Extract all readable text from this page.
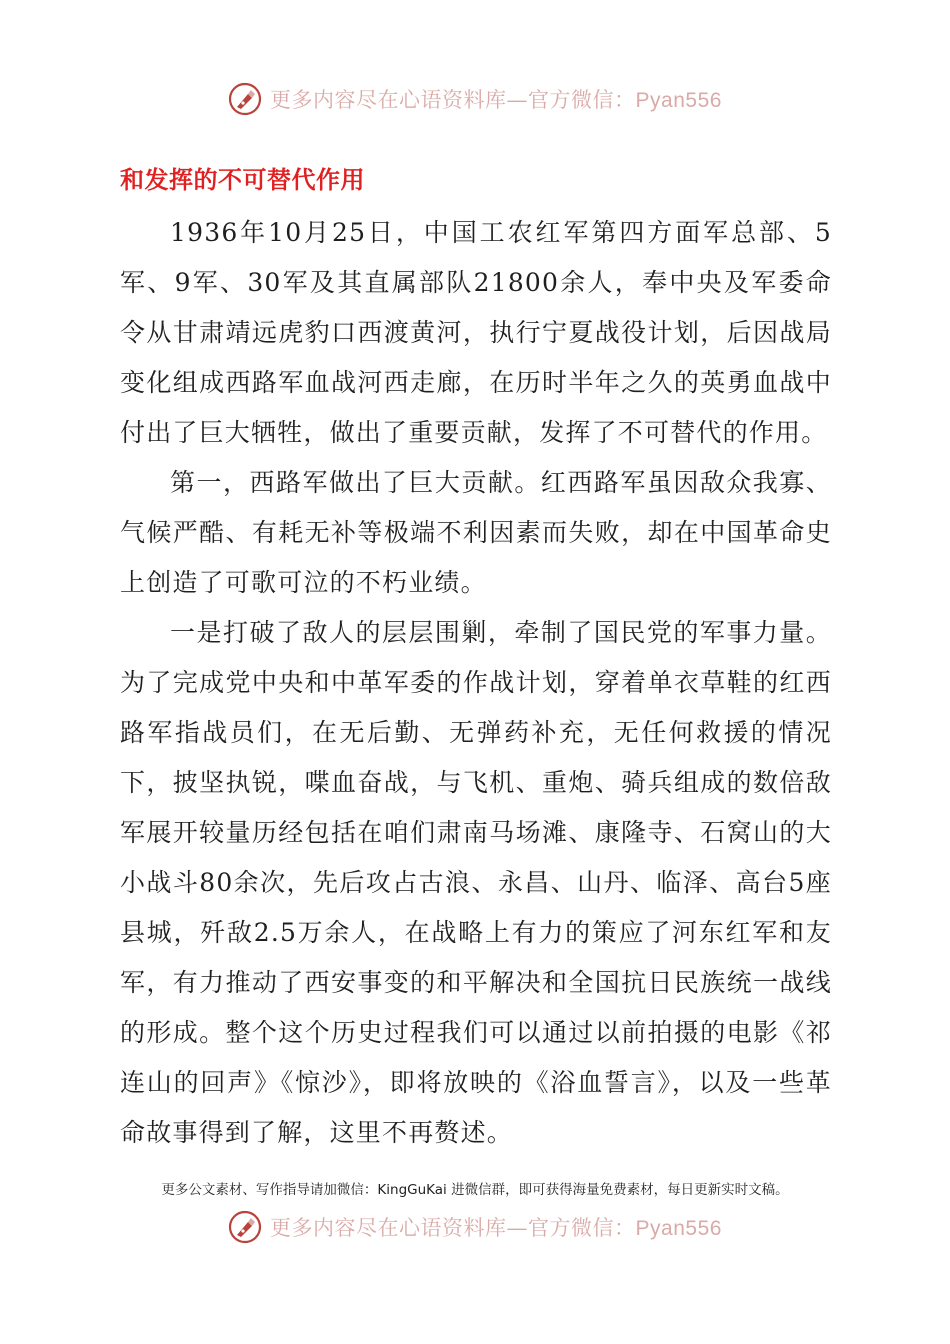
更多内容尽在心语资料库—官方微信：Pyan556
和发挥的不可替代作用

1936年10月25日，中国工农红军第四方面军总部、5军、9军、30军及其直属部队21800余人，奉中央及军委命令从甘肃靖远虎豹口西渡黄河，执行宁夏战役计划，后因战局变化组成西路军血战河西走廊，在历时半年之久的英勇血战中付出了巨大牺牲，做出了重要贡献，发挥了不可替代的作用。

第一，西路军做出了巨大贡献。红西路军虽因敌众我寡、气候严酷、有耗无补等极端不利因素而失败，却在中国革命史上创造了可歌可泣的不朽业绩。

一是打破了敌人的层层围剿，牵制了国民党的军事力量。为了完成党中央和中革军委的作战计划，穿着单衣草鞋的红西路军指战员们，在无后勤、无弹药补充，无任何救援的情况下，披坚执锐，喋血奋战，与飞机、重炮、骑兵组成的数倍敌军展开较量历经包括在咱们肃南马场滩、康隆寺、石窝山的大小战斗80余次，先后攻占古浪、永昌、山丹、临泽、高台5座县城，歼敌2.5万余人，在战略上有力的策应了河东红军和友军，有力推动了西安事变的和平解决和全国抗日民族统一战线的形成。整个这个历史过程我们可以通过以前拍摄的电影《祁连山的回声》《惊沙》，即将放映的《浴血誓言》，以及一些革命故事得到了解，这里不再赘述。

更多公文素材、写作指导请加微信：KingGuKai 进微信群，即可获得海量免费素材，每日更新实时文稿。
更多内容尽在心语资料库—官方微信：Pyan556
